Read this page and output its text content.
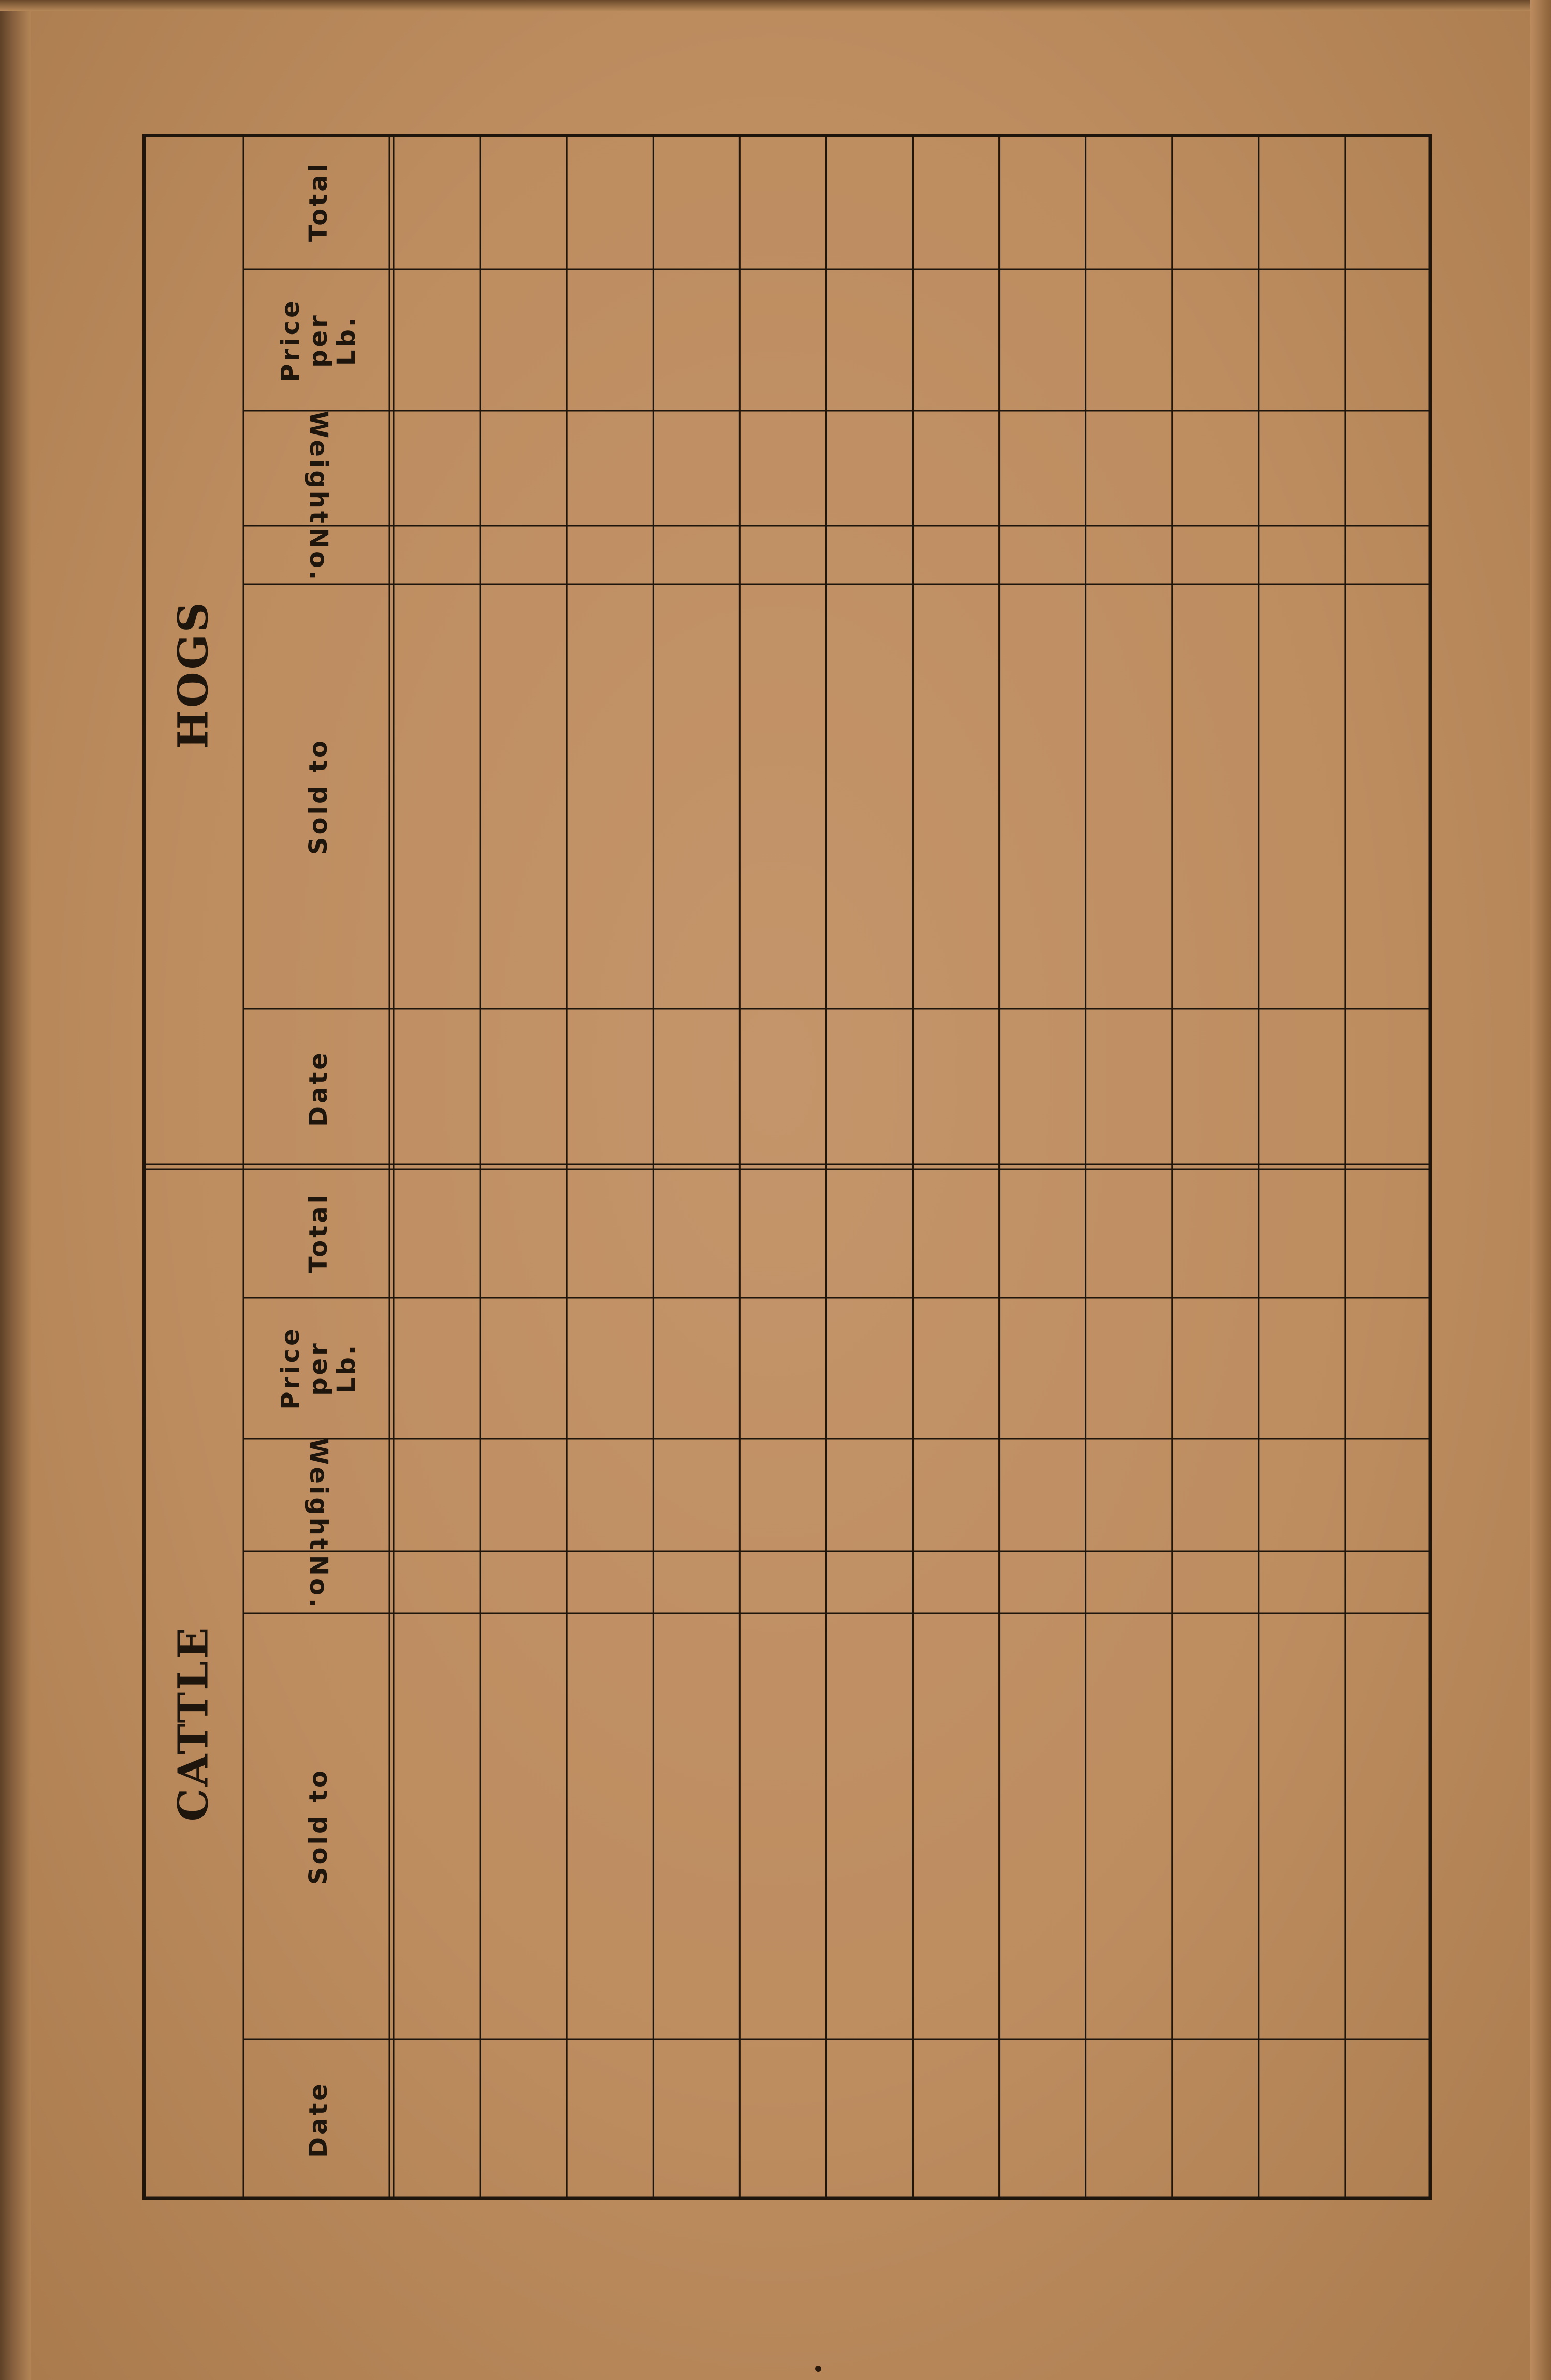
HOGS
Total
Price
per
Lb.
Weight
No.
Sold to
Date
CATTLE
Total
Price
per
Lb.
Weight
No.
Sold to
Date
